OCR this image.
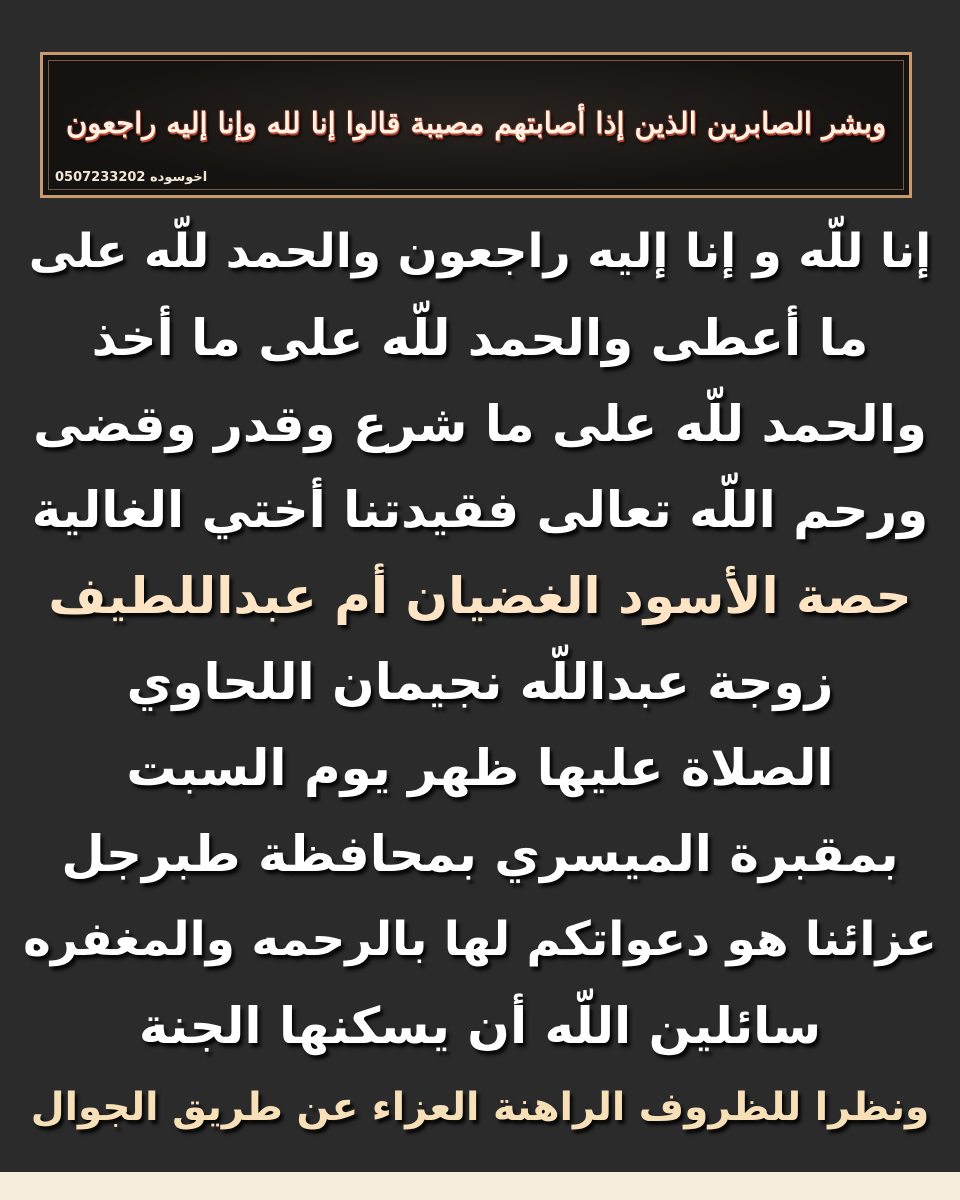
وبشر الصابرين الذين إذا أصابتهم مصيبة قالوا إنا لله وإنا إليه راجعون
اخوسوده 0507233202
إنا للّه و إنا إليه راجعون والحمد للّه على
ما أعطى والحمد للّه على ما أخذ
والحمد للّه على ما شرع وقدر وقضى
ورحم اللّه تعالى فقيدتنا أختي الغالية
حصة الأسود الغضيان أم عبداللطيف
زوجة عبداللّه نجيمان اللحاوي
الصلاة عليها ظهر يوم السبت
بمقبرة الميسري بمحافظة طبرجل
عزائنا هو دعواتكم لها بالرحمه والمغفره
سائلين اللّه أن يسكنها الجنة
ونظرا للظروف الراهنة العزاء عن طريق الجوال
